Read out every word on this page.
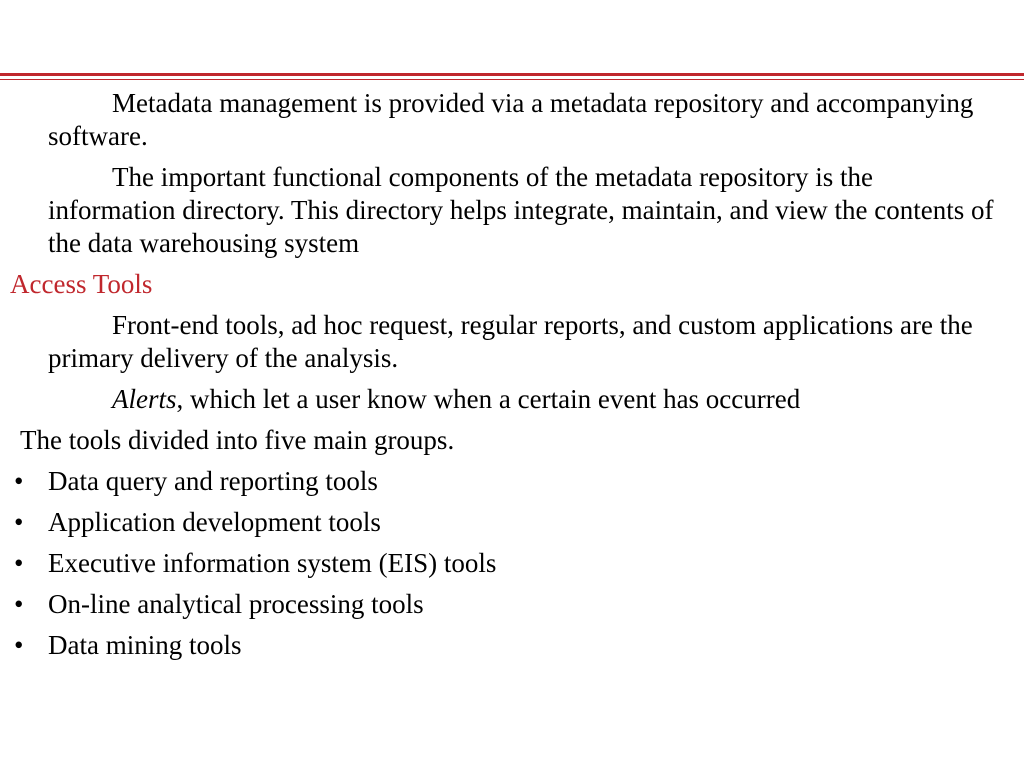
Metadata management is provided via a metadata repository and accompanying software.

The important functional components of the metadata repository is the information directory. This directory helps integrate, maintain, and view the contents of the data warehousing system

Access Tools

Front-end tools, ad hoc request, regular reports, and custom applications are the primary delivery of the analysis.

Alerts, which let a user know when a certain event has occurred

The tools divided into five main groups.

• Data query and reporting tools
• Application development tools
• Executive information system (EIS) tools
• On-line analytical processing tools
• Data mining tools
